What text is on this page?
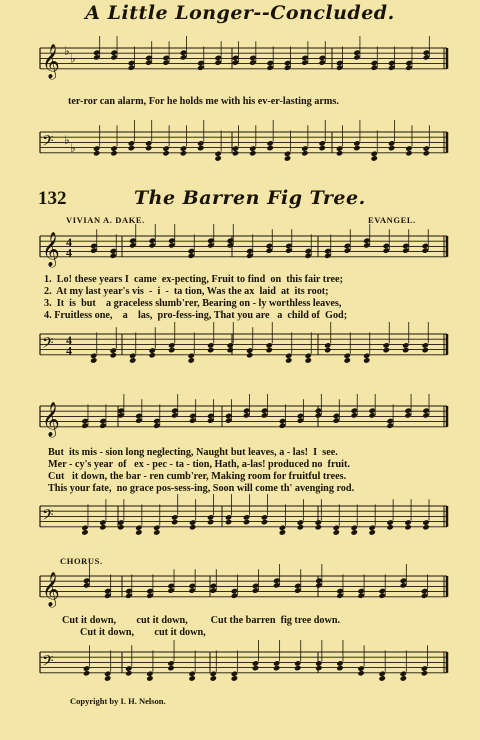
A Little Longer--Concluded.
𝄞 ♭
♭
ter-ror can alarm, For he holds me with his ev-er-lasting arms.
𝄢 ♭
♭
132	The Barren Fig Tree.
VIVIAN A. DAKE.	EVANGEL.
𝄞 4
4
1.  Lo! these years I  came  ex-pecting, Fruit to find  on  this fair tree;
2.  At my last year's vis  -  i  -  ta tion, Was the ax  laid  at  its root;
3.  It  is  but    a graceless slumb'rer, Bearing on - ly worthless leaves,
4. Fruitless one,    a    las,  pro-fess-ing, That you are   a  child of  God;
𝄢 4
4
𝄞
But  its mis - sion long neglecting, Naught but leaves, a - las!  I  see.
Mer - cy's year  of   ex - pec - ta - tion, Hath, a-las! produced no  fruit.
Cut   it down, the bar - ren cumb'rer, Making room for fruitful trees.
This your fate,  no grace pos-sess-ing, Soon will come th' avenging rod.
𝄢
CHORUS.
𝄞
Cut it down,        cut it down,         Cut the barren  fig tree down.
Cut it down,        cut it down,
𝄢
Copyright by I. H. Nelson.
